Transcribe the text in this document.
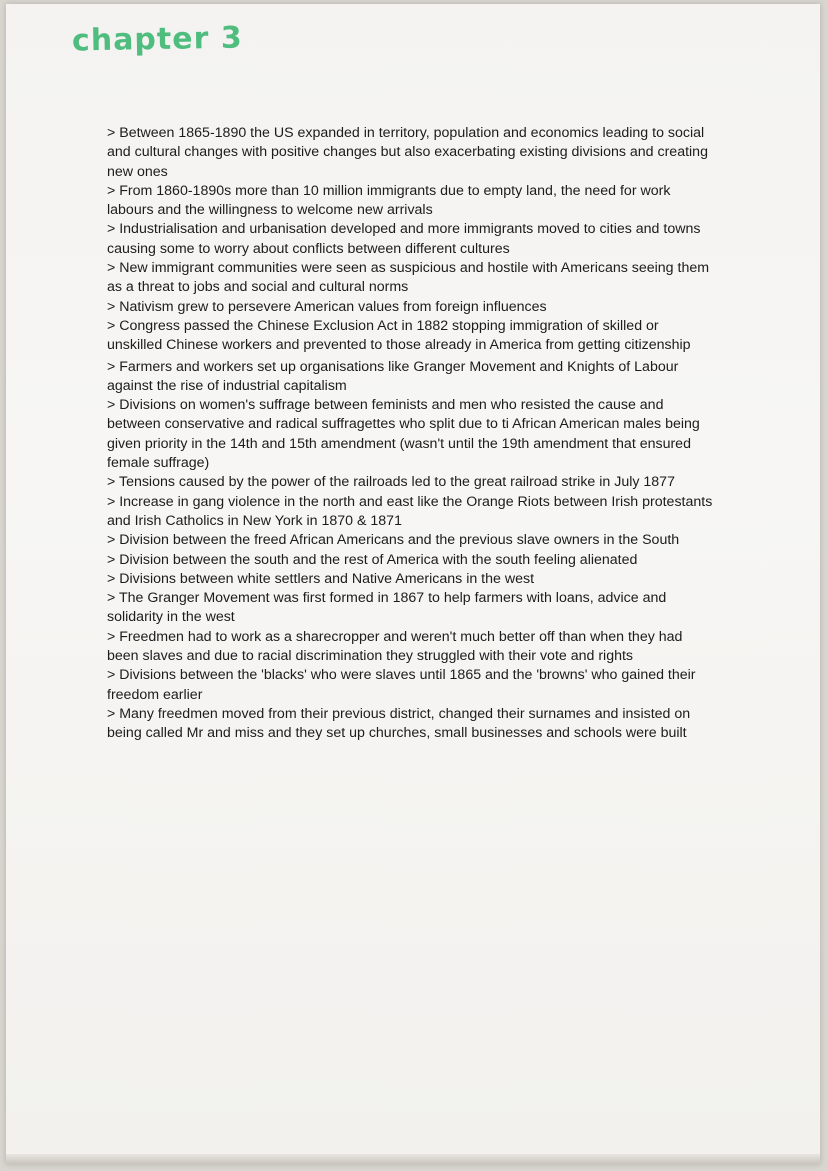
chapter 3
> Between 1865-1890 the US expanded in territory, population and economics leading to social and cultural changes with positive changes but also exacerbating existing divisions and creating new ones
> From 1860-1890s more than 10 million immigrants due to empty land, the need for work labours and the willingness to welcome new arrivals
> Industrialisation and urbanisation developed and more immigrants moved to cities and towns causing some to worry about conflicts between different cultures
> New immigrant communities were seen as suspicious and hostile with Americans seeing them as a threat to jobs and social and cultural norms
> Nativism grew to persevere American values from foreign influences
> Congress passed the Chinese Exclusion Act in 1882 stopping immigration of skilled or unskilled Chinese workers and prevented to those already in America from getting citizenship
> Farmers and workers set up organisations like Granger Movement and Knights of Labour against the rise of industrial capitalism
> Divisions on women's suffrage between feminists and men who resisted the cause and between conservative and radical suffragettes who split due to ti African American males being given priority in the 14th and 15th amendment (wasn't until the 19th amendment that ensured female suffrage)
> Tensions caused by the power of the railroads led to the great railroad strike in July 1877
> Increase in gang violence in the north and east like the Orange Riots between Irish protestants and Irish Catholics in New York in 1870 & 1871
> Division between the freed African Americans and the previous slave owners in the South
> Division between the south and the rest of America with the south feeling alienated
> Divisions between white settlers and Native Americans in the west
> The Granger Movement was first formed in 1867 to help farmers with loans, advice and solidarity in the west
> Freedmen had to work as a sharecropper and weren't much better off than when they had been slaves and due to racial discrimination they struggled with their vote and rights
> Divisions between the 'blacks' who were slaves until 1865 and the 'browns' who gained their freedom earlier
> Many freedmen moved from their previous district, changed their surnames and insisted on being called Mr and miss and they set up churches, small businesses and schools were built
